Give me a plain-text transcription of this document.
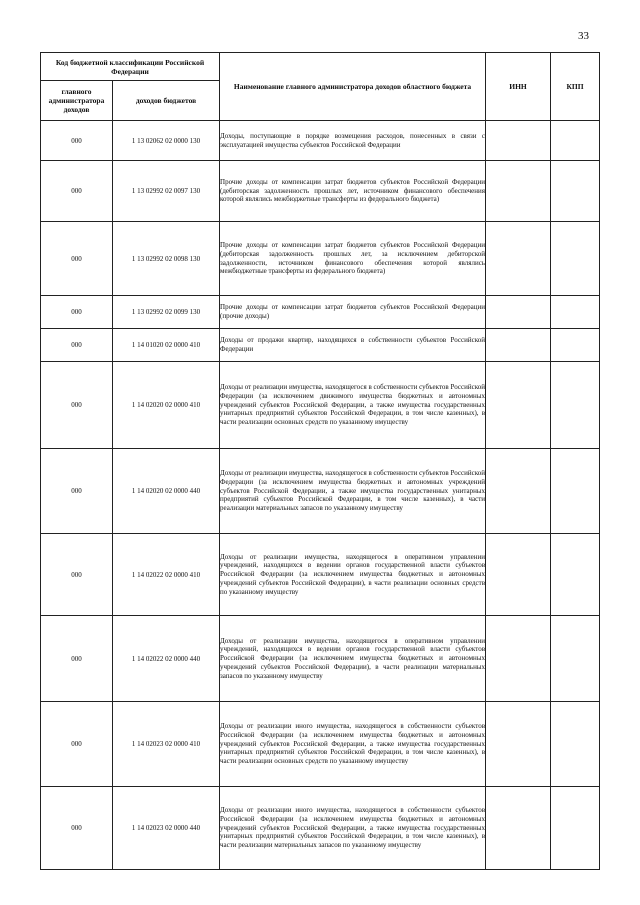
33
Код бюджетной классификации Российской Федерации		Наименование главного администратора доходов областного бюджета	ИНН	КПП
главного администратора доходов	доходов бюджетов			
000	1 13 02062 02 0000 130	Доходы, поступающие в порядке возмещения расходов, понесенных в связи с эксплуатацией имущества субъектов Российской Федерации		
000	1 13 02992 02 0097 130	Прочие доходы от компенсации затрат бюджетов субъектов Российской Федерации (дебиторская задолженность прошлых лет, источником финансового обеспечения которой являлись межбюджетные трансферты из федерального бюджета)		
000	1 13 02992 02 0098 130	Прочие доходы от компенсации затрат бюджетов субъектов Российской Федерации (дебиторская задолженность прошлых лет, за исключением дебиторской задолженности, источником финансового обеспечения которой являлись межбюджетные трансферты из федерального бюджета)		
000	1 13 02992 02 0099 130	Прочие доходы от компенсации затрат бюджетов субъектов Российской Федерации (прочие доходы)		
000	1 14 01020 02 0000 410	Доходы от продажи квартир, находящихся в собственности субъектов Российской Федерации		
000	1 14 02020 02 0000 410	Доходы от реализации имущества, находящегося в собственности субъектов Российской Федерации (за исключением движимого имущества бюджетных и автономных учреждений субъектов Российской Федерации, а также имущества государственных унитарных предприятий субъектов Российской Федерации, в том числе казенных), в части реализации основных средств по указанному имуществу		
000	1 14 02020 02 0000 440	Доходы от реализации имущества, находящегося в собственности субъектов Российской Федерации (за исключением имущества бюджетных и автономных учреждений субъектов Российской Федерации, а также имущества государственных унитарных предприятий субъектов Российской Федерации, в том числе казенных), в части реализации материальных запасов по указанному имуществу		
000	1 14 02022 02 0000 410	Доходы от реализации имущества, находящегося в оперативном управлении учреждений, находящихся в ведении органов государственной власти субъектов Российской Федерации (за исключением имущества бюджетных и автономных учреждений субъектов Российской Федерации), в части реализации основных средств по указанному имуществу		
000	1 14 02022 02 0000 440	Доходы от реализации имущества, находящегося в оперативном управлении учреждений, находящихся в ведении органов государственной власти субъектов Российской Федерации (за исключением имущества бюджетных и автономных учреждений субъектов Российской Федерации), в части реализации материальных запасов по указанному имуществу		
000	1 14 02023 02 0000 410	Доходы от реализации иного имущества, находящегося в собственности субъектов Российской Федерации (за исключением имущества бюджетных и автономных учреждений субъектов Российской Федерации, а также имущества государственных унитарных предприятий субъектов Российской Федерации, в том числе казенных), в части реализации основных средств по указанному имуществу		
000	1 14 02023 02 0000 440	Доходы от реализации иного имущества, находящегося в собственности субъектов Российской Федерации (за исключением имущества бюджетных и автономных учреждений субъектов Российской Федерации, а также имущества государственных унитарных предприятий субъектов Российской Федерации, в том числе казенных), в части реализации материальных запасов по указанному имуществу		
